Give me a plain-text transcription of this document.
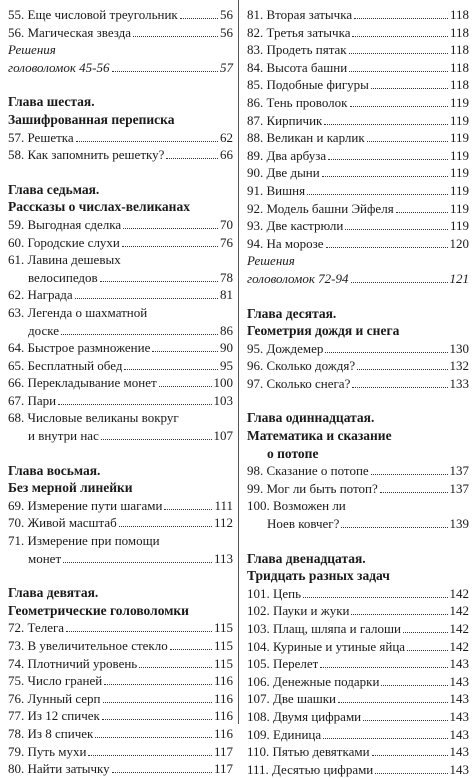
55. Еще числовой треугольник	56
56. Магическая звезда	56
Решения
головоломок 45-56	57
Глава шестая.
Зашифрованная переписка
57. Решетка	62
58. Как запомнить решетку?	66
Глава седьмая.
Рассказы о числах-великанах
59. Выгодная сделка	70
60. Городские слухи	76
61. Лавина дешевых
велосипедов	78
62. Награда	81
63. Легенда о шахматной
доске	86
64. Быстрое размножение	90
65. Бесплатный обед	95
66. Перекладывание монет	100
67. Пари	103
68. Числовые великаны вокруг
и внутри нас	107
Глава восьмая.
Без мерной линейки
69. Измерение пути шагами	111
70. Живой масштаб	112
71. Измерение при помощи
монет	113
Глава девятая.
Геометрические головоломки
72. Телега	115
73. В увеличительное стекло	115
74. Плотничий уровень	115
75. Число граней	116
76. Лунный серп	116
77. Из 12 спичек	116
78. Из 8 спичек	116
79. Путь мухи	117
80. Найти затычку	117
81. Вторая затычка	118
82. Третья затычка	118
83. Продеть пятак	118
84. Высота башни	118
85. Подобные фигуры	118
86. Тень проволок	119
87. Кирпичик	119
88. Великан и карлик	119
89. Два арбуза	119
90. Две дыни	119
91. Вишня	119
92. Модель башни Эйфеля	119
93. Две кастрюли	119
94. На морозе	120
Решения
головоломок 72-94	121
Глава десятая.
Геометрия дождя и снега
95. Дождемер	130
96. Сколько дождя?	132
97. Сколько снега?	133
Глава одиннадцатая.
Математика и сказание
о потопе
98. Сказание о потопе	137
99. Мог ли быть потоп?	137
100. Возможен ли
Ноев ковчег?	139
Глава двенадцатая.
Тридцать разных задач
101. Цепь	142
102. Пауки и жуки	142
103. Плащ, шляпа и галоши	142
104. Куриные и утиные яйца	142
105. Перелет	143
106. Денежные подарки	143
107. Две шашки	143
108. Двумя цифрами	143
109. Единица	143
110. Пятью девятками	143
111. Десятью цифрами	143
